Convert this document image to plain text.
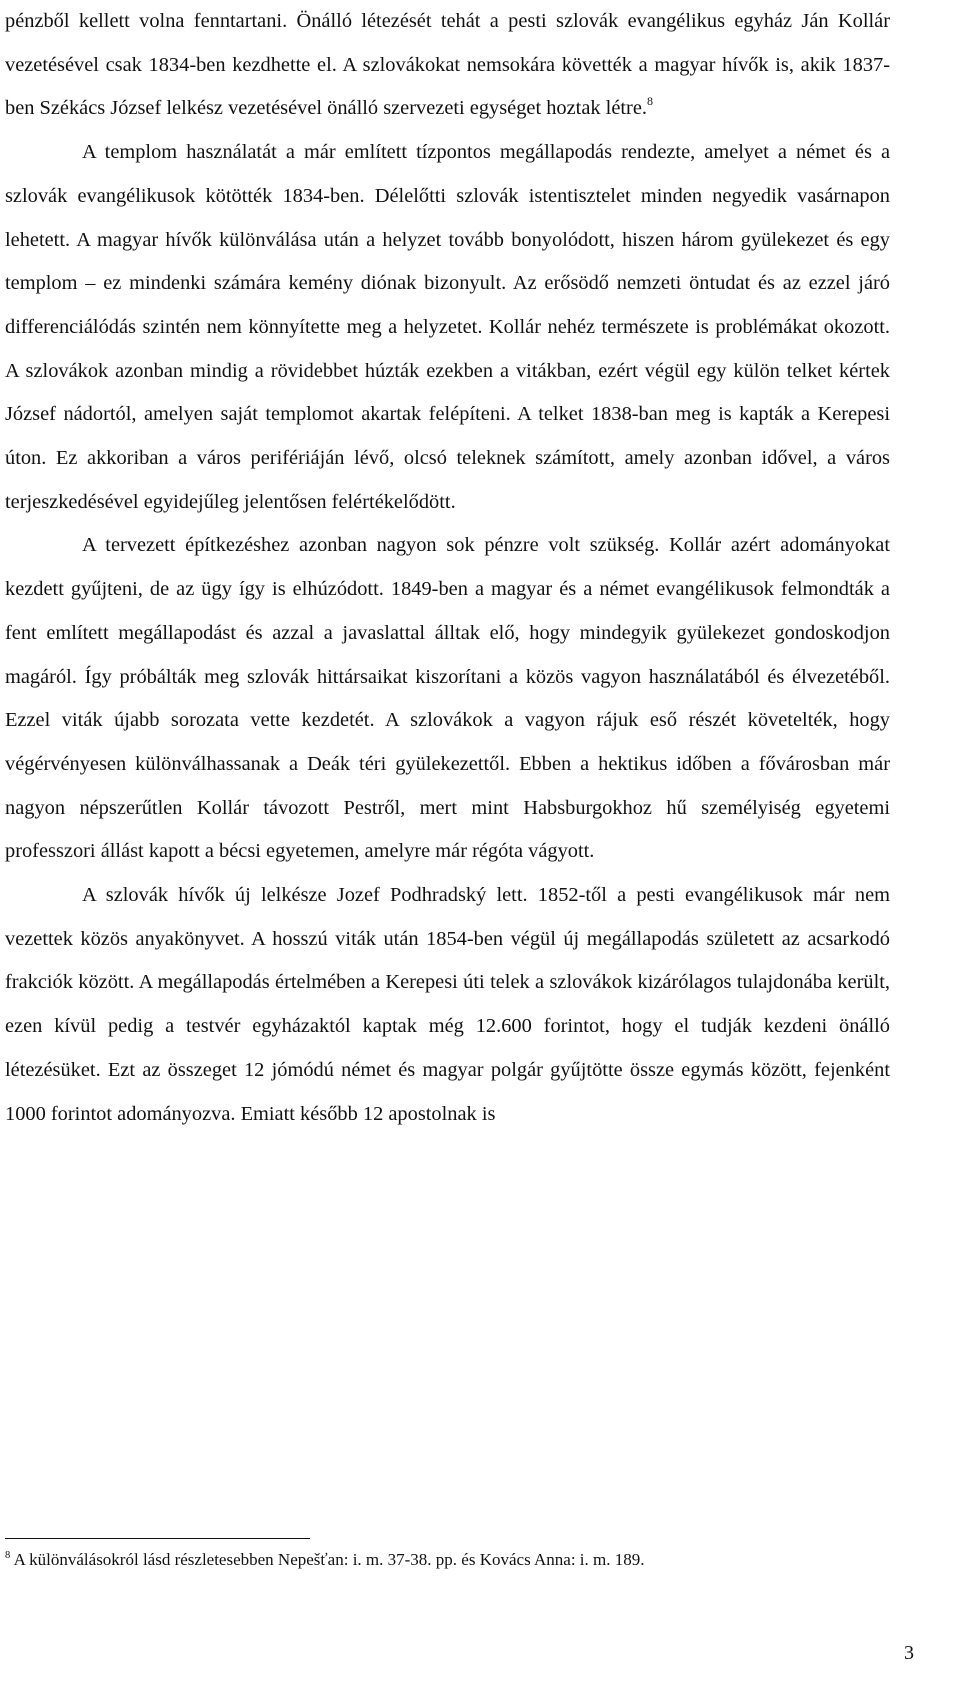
pénzből kellett volna fenntartani. Önálló létezését tehát a pesti szlovák evangélikus egyház Ján Kollár vezetésével csak 1834-ben kezdhette el. A szlovákokat nemsokára követték a magyar hívők is, akik 1837-ben Székács József lelkész vezetésével önálló szervezeti egységet hoztak létre.$^8$

A templom használatát a már említett tízpontos megállapodás rendezte, amelyet a német és a szlovák evangélikusok kötötték 1834-ben. Délelőtti szlovák istentisztelet minden negyedik vasárnapon lehetett. A magyar hívők különválása után a helyzet tovább bonyolódott, hiszen három gyülekezet és egy templom – ez mindenki számára kemény diónak bizonyult. Az erősödő nemzeti öntudat és az ezzel járó differenciálódás szintén nem könnyítette meg a helyzetet. Kollár nehéz természete is problémákat okozott. A szlovákok azonban mindig a rövidebbet húzták ezekben a vitákban, ezért végül egy külön telket kértek József nádortól, amelyen saját templomot akartak felépíteni. A telket 1838-ban meg is kapták a Kerepesi úton. Ez akkoriban a város perifériáján lévő, olcsó teleknek számított, amely azonban idővel, a város terjeszkedésével egyidejűleg jelentősen felértékelődött.

A tervezett építkezéshez azonban nagyon sok pénzre volt szükség. Kollár azért adományokat kezdett gyűjteni, de az ügy így is elhúzódott. 1849-ben a magyar és a német evangélikusok felmondták a fent említett megállapodást és azzal a javaslattal álltak elő, hogy mindegyik gyülekezet gondoskodjon magáról. Így próbálták meg szlovák hittársaikat kiszorítani a közös vagyon használatából és élvezetéből. Ezzel viták újabb sorozata vette kezdetét. A szlovákok a vagyon rájuk eső részét követelték, hogy végérvényesen különválhassanak a Deák téri gyülekezettől. Ebben a hektikus időben a fővárosban már nagyon népszerűtlen Kollár távozott Pestről, mert mint Habsburgokhoz hű személyiség egyetemi professzori állást kapott a bécsi egyetemen, amelyre már régóta vágyott.

A szlovák hívők új lelkésze Jozef Podhradský lett. 1852-től a pesti evangélikusok már nem vezettek közös anyakönyvet. A hosszú viták után 1854-ben végül új megállapodás született az acsarkodó frakciók között. A megállapodás értelmében a Kerepesi úti telek a szlovákok kizárólagos tulajdonába került, ezen kívül pedig a testvér egyházaktól kaptak még 12.600 forintot, hogy el tudják kezdeni önálló létezésüket. Ezt az összeget 12 jómódú német és magyar polgár gyűjtötte össze egymás között, fejenként 1000 forintot adományozva. Emiatt később 12 apostolnak is

$^8$ A különválásokról lásd részletesebben Nepešťan: i. m. 37-38. pp. és Kovács Anna: i. m. 189.
3
